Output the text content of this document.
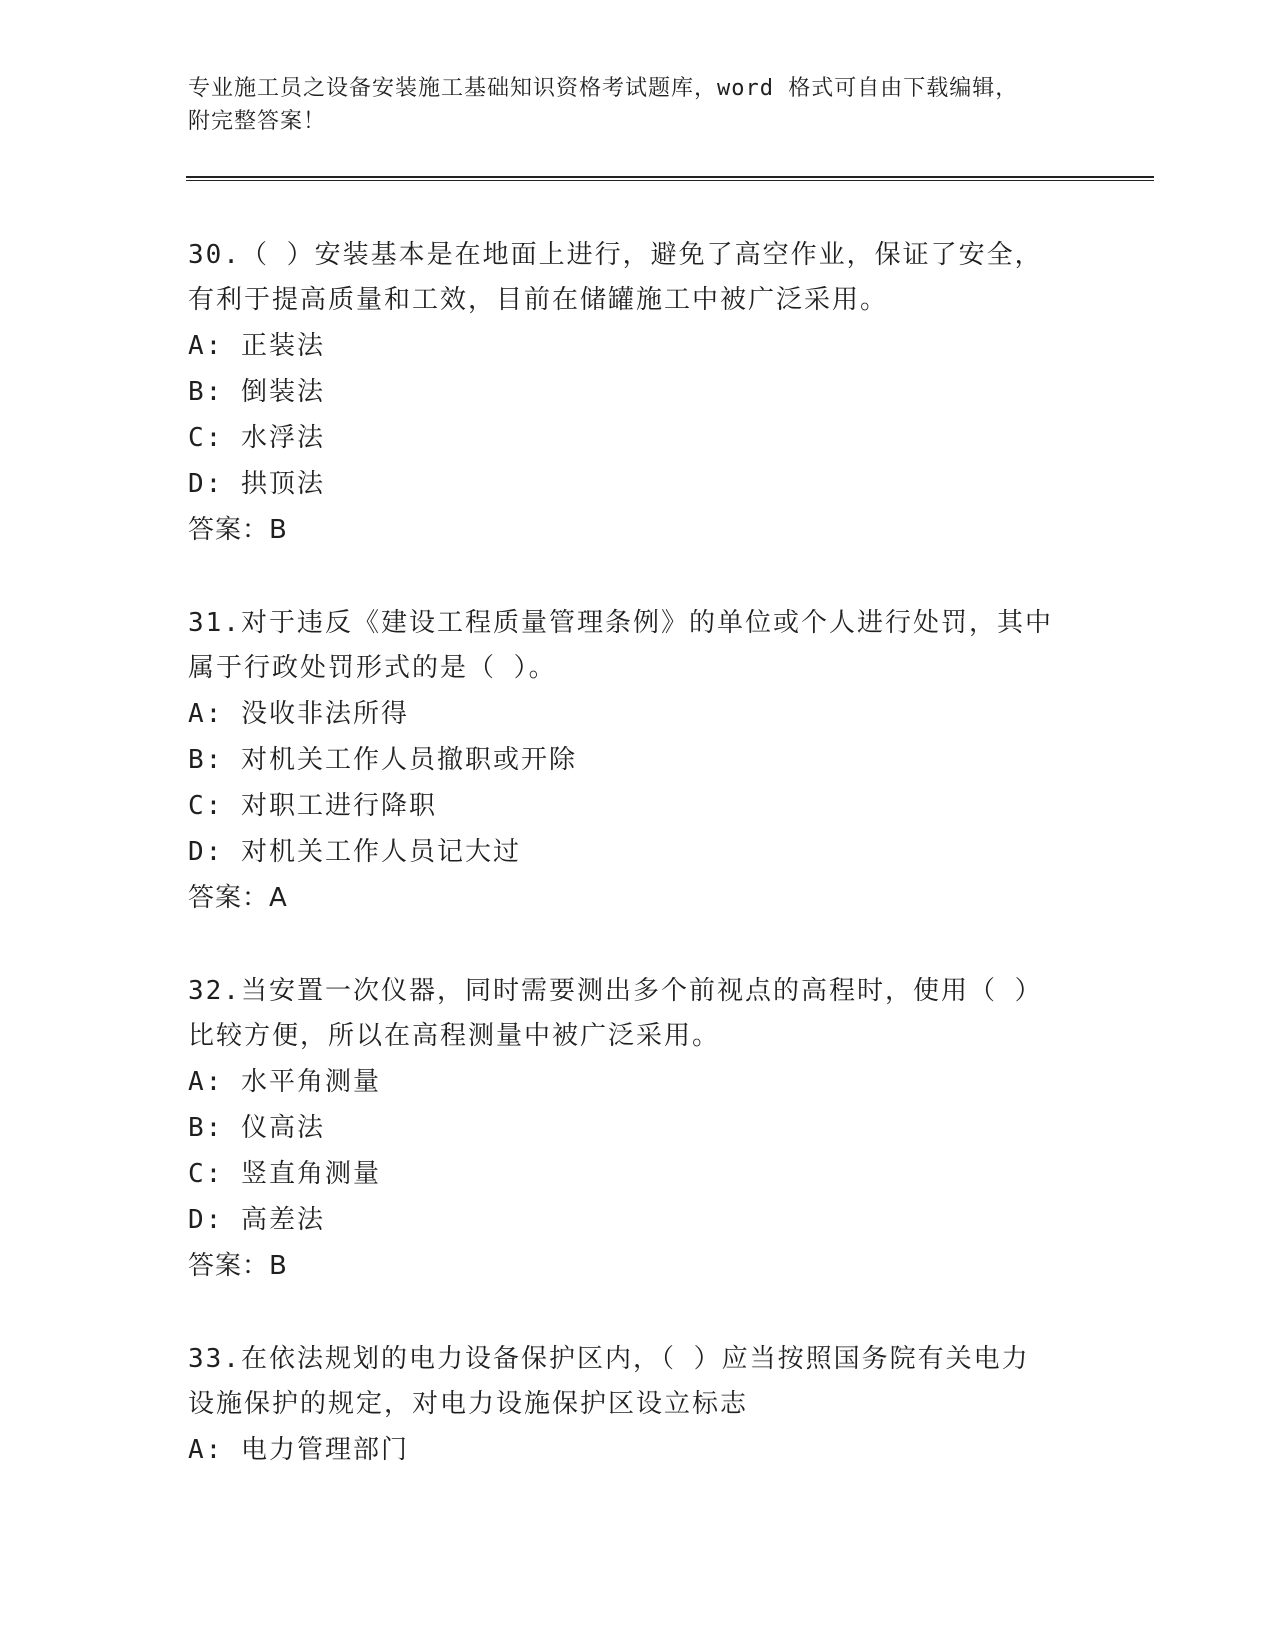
专业施工员之设备安装施工基础知识资格考试题库，word 格式可自由下载编辑，
附完整答案！

30.（ ）安装基本是在地面上进行，避免了高空作业，保证了安全，

有利于提高质量和工效，目前在储罐施工中被广泛采用。

A: 正装法

B: 倒装法

C: 水浮法

D: 拱顶法

答案：B

31.对于违反《建设工程质量管理条例》的单位或个人进行处罚，其中

属于行政处罚形式的是（ ）。

A: 没收非法所得

B: 对机关工作人员撤职或开除

C: 对职工进行降职

D: 对机关工作人员记大过

答案：A

32.当安置一次仪器，同时需要测出多个前视点的高程时，使用（ ）

比较方便，所以在高程测量中被广泛采用。

A: 水平角测量

B: 仪高法

C: 竖直角测量

D: 高差法

答案：B

33.在依法规划的电力设备保护区内，（ ）应当按照国务院有关电力

设施保护的规定，对电力设施保护区设立标志

A: 电力管理部门
